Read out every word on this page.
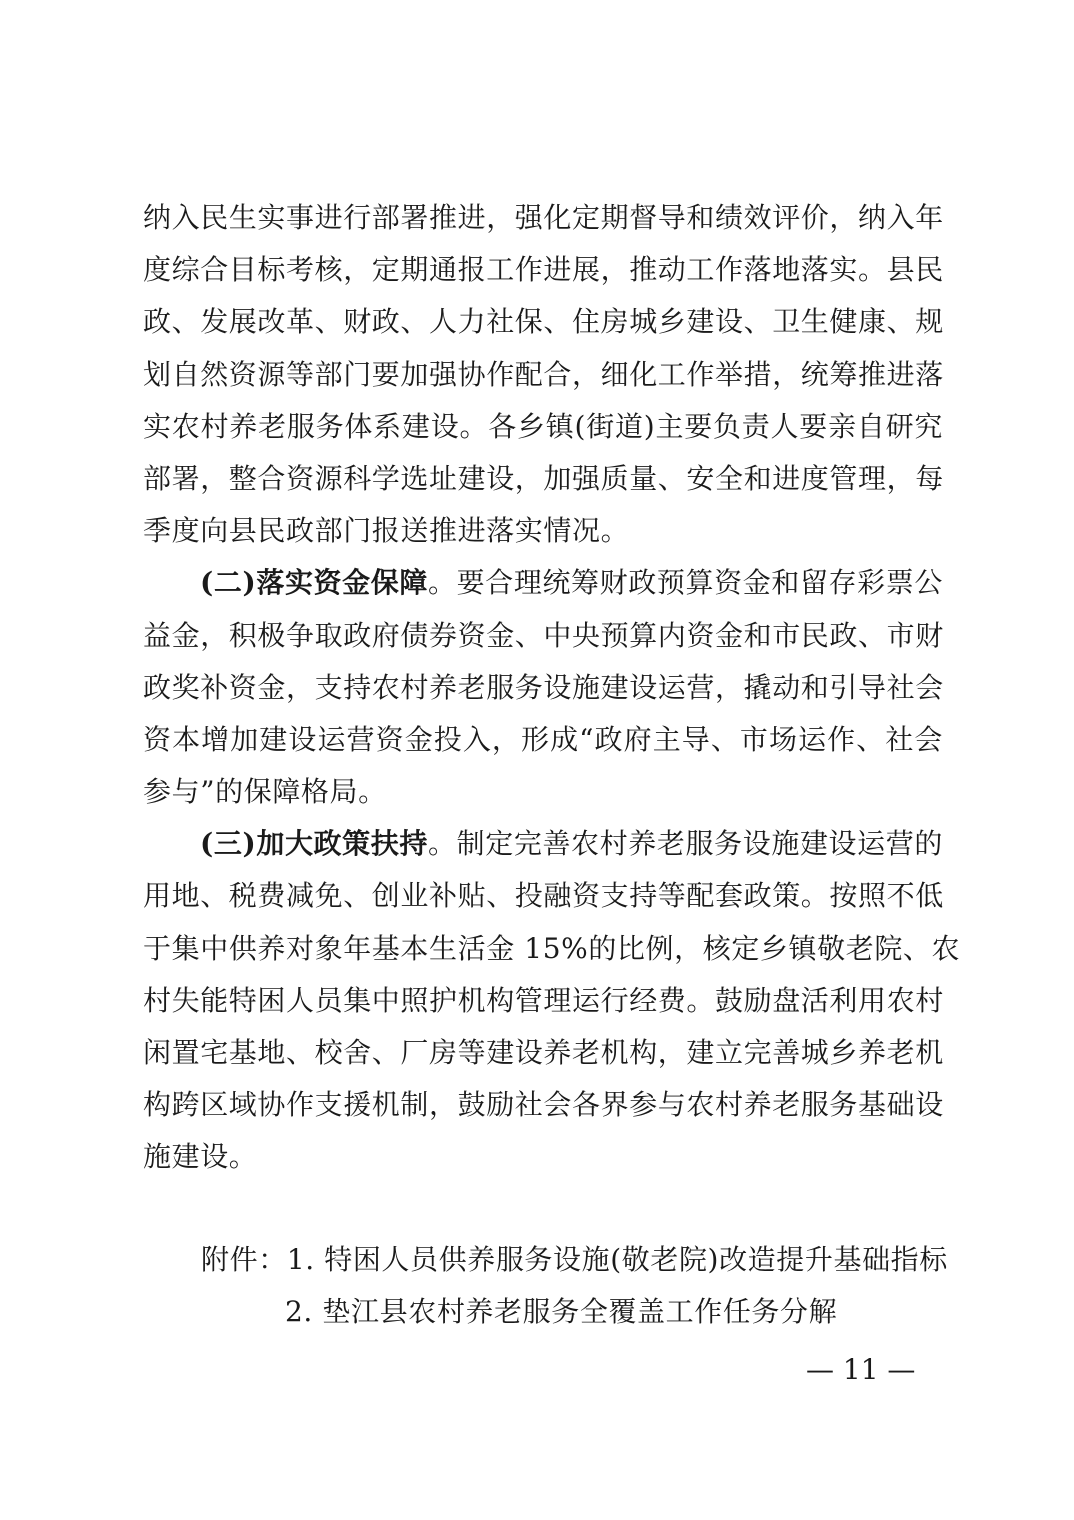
纳入民生实事进行部署推进，强化定期督导和绩效评价，纳入年
度综合目标考核，定期通报工作进展，推动工作落地落实。县民
政、发展改革、财政、人力社保、住房城乡建设、卫生健康、规
划自然资源等部门要加强协作配合，细化工作举措，统筹推进落
实农村养老服务体系建设。各乡镇(街道)主要负责人要亲自研究
部署，整合资源科学选址建设，加强质量、安全和进度管理，每
季度向县民政部门报送推进落实情况。
(二)落实资金保障。要合理统筹财政预算资金和留存彩票公
益金，积极争取政府债券资金、中央预算内资金和市民政、市财
政奖补资金，支持农村养老服务设施建设运营，撬动和引导社会
资本增加建设运营资金投入，形成“政府主导、市场运作、社会
参与”的保障格局。
(三)加大政策扶持。制定完善农村养老服务设施建设运营的
用地、税费减免、创业补贴、投融资支持等配套政策。按照不低
于集中供养对象年基本生活金 15%的比例，核定乡镇敬老院、农
村失能特困人员集中照护机构管理运行经费。鼓励盘活利用农村
闲置宅基地、校舍、厂房等建设养老机构，建立完善城乡养老机
构跨区域协作支援机制，鼓励社会各界参与农村养老服务基础设
施建设。
附件：1. 特困人员供养服务设施(敬老院)改造提升基础指标
2. 垫江县农村养老服务全覆盖工作任务分解
— 11 —
